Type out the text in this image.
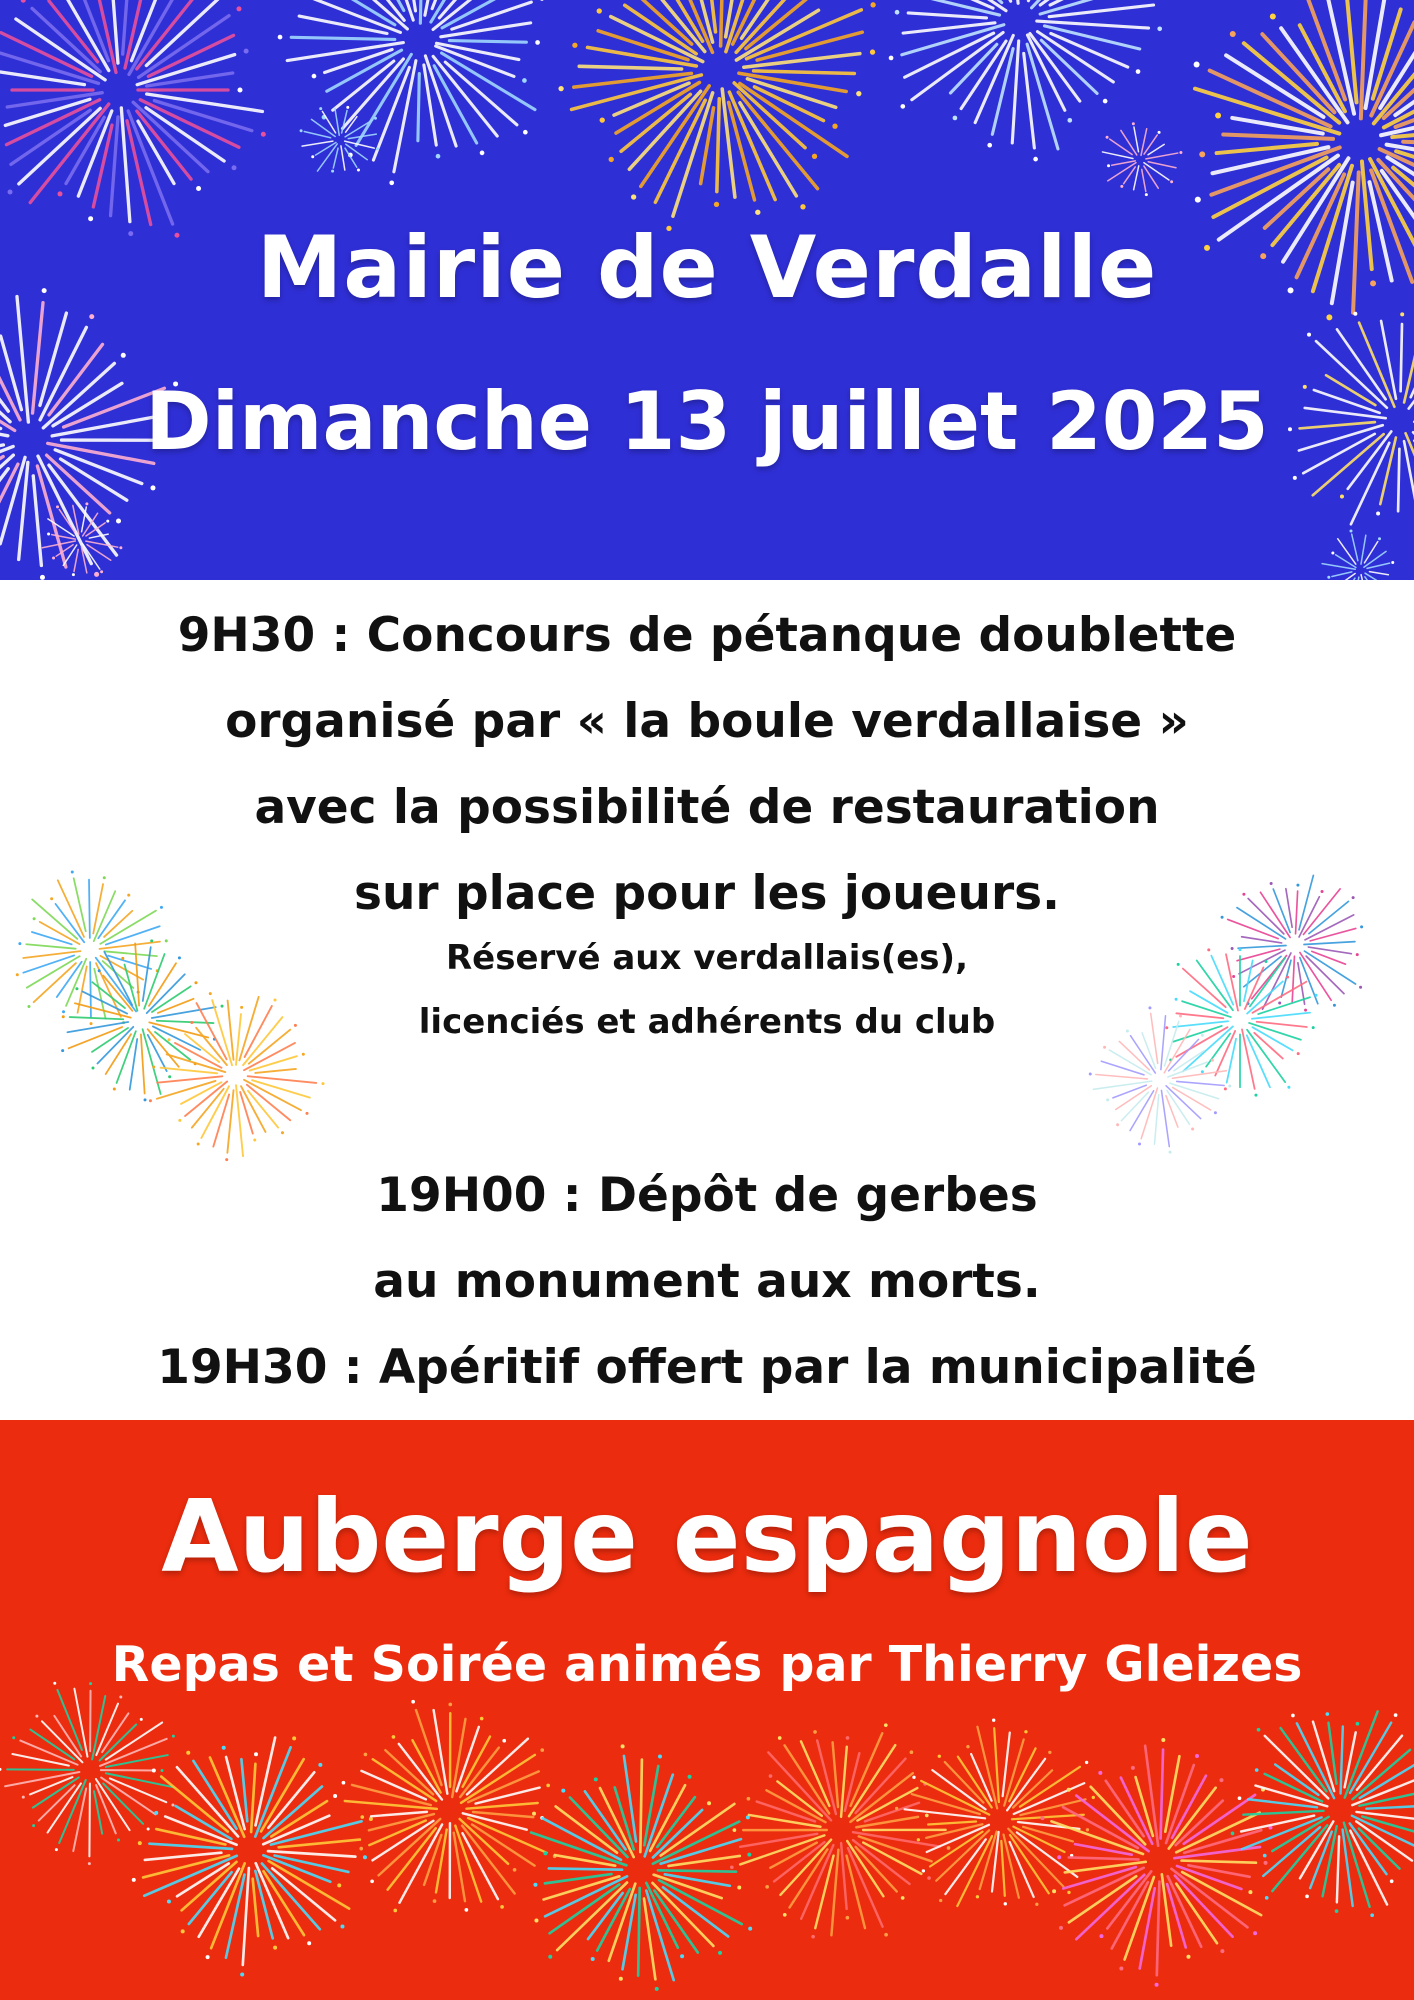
Mairie de Verdalle
Dimanche 13 juillet 2025
9H30 : Concours de pétanque doublette
organisé par « la boule verdallaise »
avec la possibilité de restauration
sur place pour les joueurs.
Réservé aux verdallais(es),
licenciés et adhérents du club
19H00 : Dépôt de gerbes
au monument aux morts.
19H30 : Apéritif offert par la municipalité
Auberge espagnole
Repas et Soirée animés par Thierry Gleizes
